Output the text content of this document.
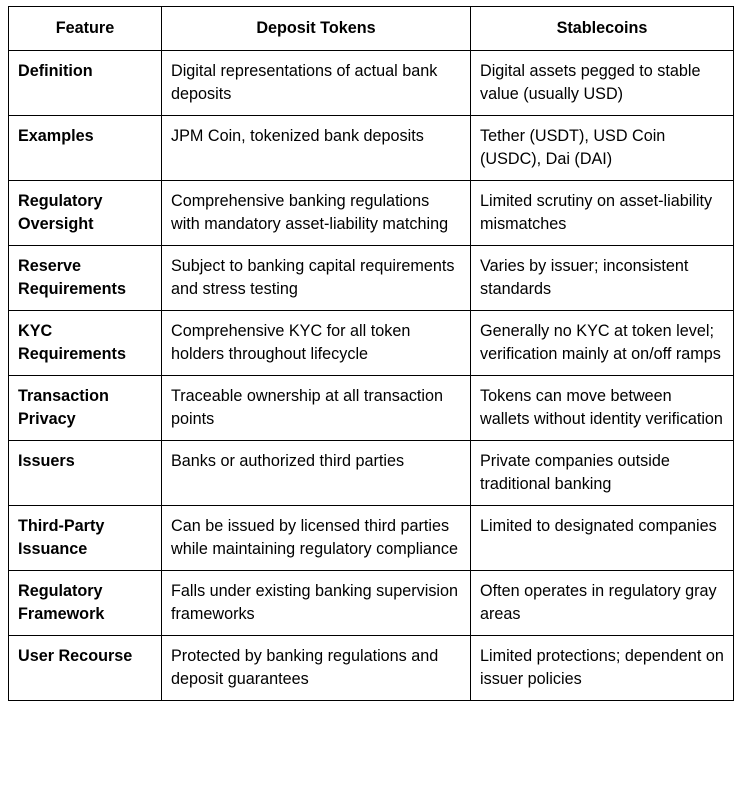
Feature	Deposit Tokens	Stablecoins
Definition	Digital representations of actual bank deposits	Digital assets pegged to stable value (usually USD)
Examples	JPM Coin, tokenized bank deposits	Tether (USDT), USD Coin (USDC), Dai (DAI)
Regulatory Oversight	Comprehensive banking regulations with mandatory asset-liability matching	Limited scrutiny on asset-liability mismatches
Reserve Requirements	Subject to banking capital requirements and stress testing	Varies by issuer; inconsistent standards
KYC Requirements	Comprehensive KYC for all token holders throughout lifecycle	Generally no KYC at token level; verification mainly at on/off ramps
Transaction Privacy	Traceable ownership at all transaction points	Tokens can move between wallets without identity verification
Issuers	Banks or authorized third parties	Private companies outside traditional banking
Third-Party Issuance	Can be issued by licensed third parties while maintaining regulatory compliance	Limited to designated companies
Regulatory Framework	Falls under existing banking supervision frameworks	Often operates in regulatory gray areas
User Recourse	Protected by banking regulations and deposit guarantees	Limited protections; dependent on issuer policies
